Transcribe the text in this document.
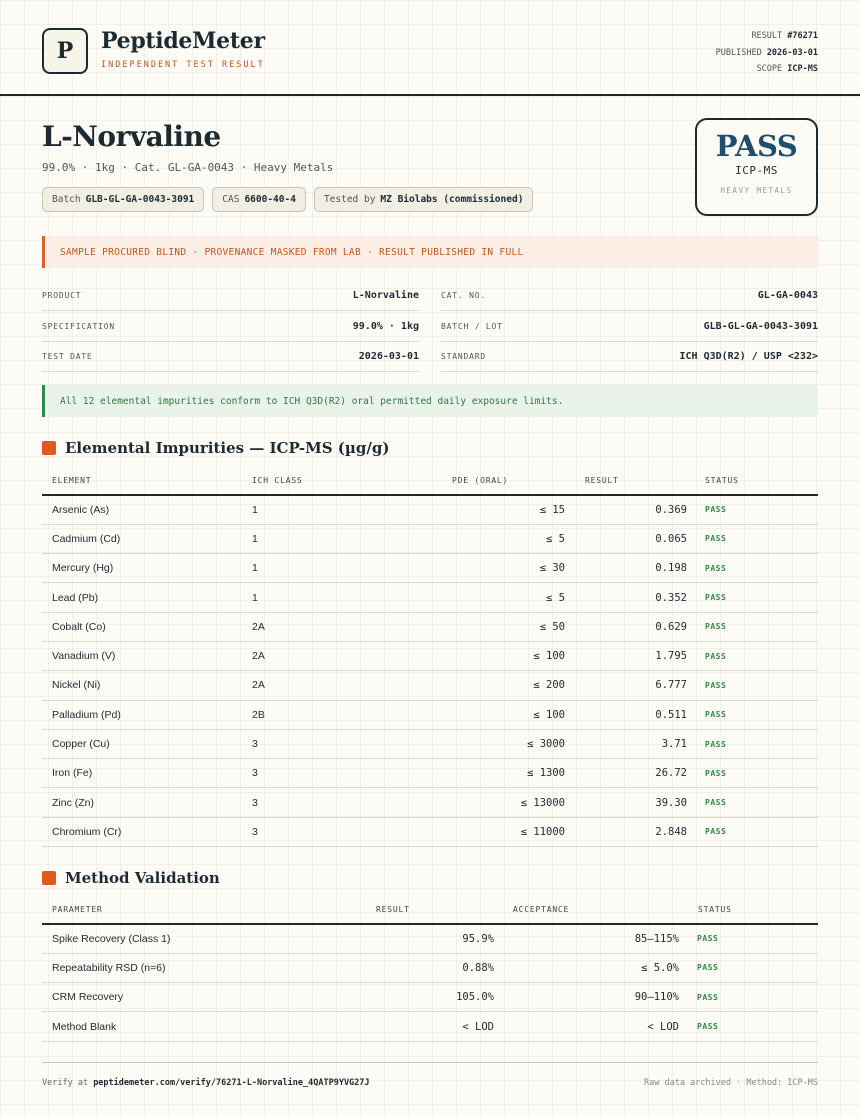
P	PeptideMeter
INDEPENDENT TEST RESULT
RESULT #76271
PUBLISHED 2026-03-01
SCOPE ICP-MS
L-Norvaline
99.0% · 1kg · Cat. GL-GA-0043 · Heavy Metals
Batch GLB-GL-GA-0043-3091	CAS 6600-40-4	Tested by MZ Biolabs (commissioned)
PASS
ICP-MS
HEAVY METALS
SAMPLE PROCURED BLIND · PROVENANCE MASKED FROM LAB · RESULT PUBLISHED IN FULL
PRODUCT	L-Norvaline
SPECIFICATION	99.0% · 1kg
TEST DATE	2026-03-01
CAT. NO.	GL-GA-0043
BATCH / LOT	GLB-GL-GA-0043-3091
STANDARD	ICH Q3D(R2) / USP <232>
All 12 elemental impurities conform to ICH Q3D(R2) oral permitted daily exposure limits.
Elemental Impurities — ICP-MS (µg/g)
ELEMENT	ICH CLASS	PDE (ORAL)	RESULT	STATUS
Arsenic (As)	1	≤ 15	0.369	PASS
Cadmium (Cd)	1	≤ 5	0.065	PASS
Mercury (Hg)	1	≤ 30	0.198	PASS
Lead (Pb)	1	≤ 5	0.352	PASS
Cobalt (Co)	2A	≤ 50	0.629	PASS
Vanadium (V)	2A	≤ 100	1.795	PASS
Nickel (Ni)	2A	≤ 200	6.777	PASS
Palladium (Pd)	2B	≤ 100	0.511	PASS
Copper (Cu)	3	≤ 3000	3.71	PASS
Iron (Fe)	3	≤ 1300	26.72	PASS
Zinc (Zn)	3	≤ 13000	39.30	PASS
Chromium (Cr)	3	≤ 11000	2.848	PASS
Method Validation
PARAMETER	RESULT	ACCEPTANCE	STATUS
Spike Recovery (Class 1)	95.9%	85–115%	PASS
Repeatability RSD (n=6)	0.88%	≤ 5.0%	PASS
CRM Recovery	105.0%	90–110%	PASS
Method Blank	< LOD	< LOD	PASS
Verify at peptidemeter.com/verify/76271-L-Norvaline_4QATP9YVG27J	Raw data archived · Method: ICP-MS
